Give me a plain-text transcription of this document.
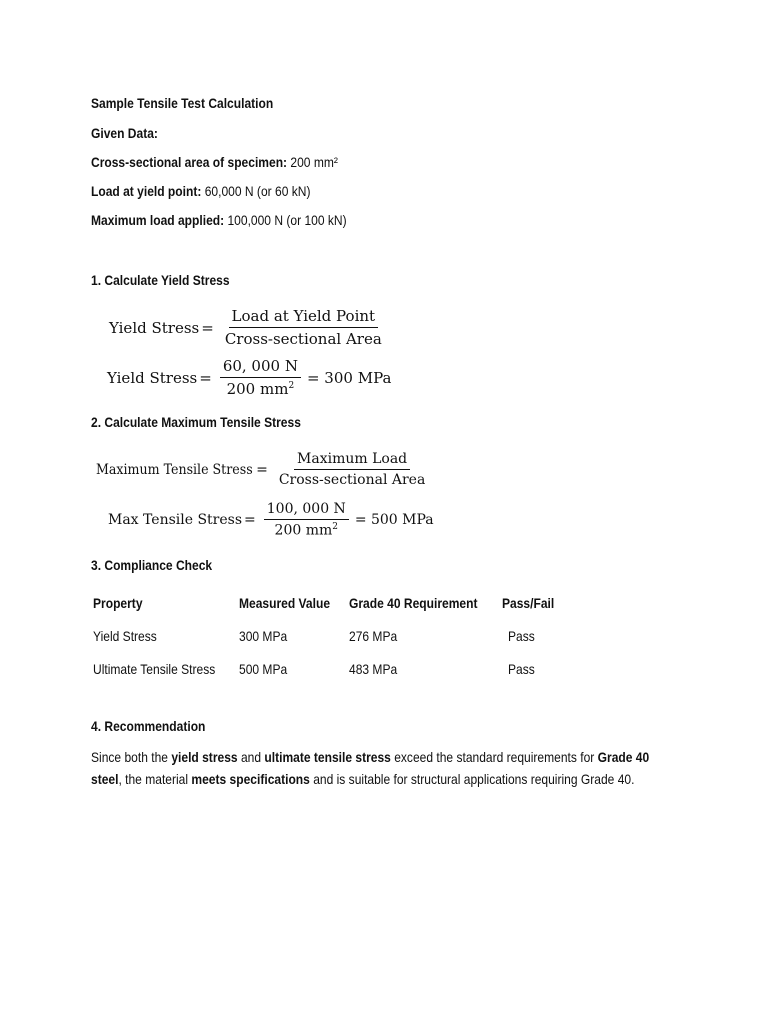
Sample Tensile Test Calculation
Given Data:
Cross-sectional area of specimen: 200 mm²
Load at yield point: 60,000 N (or 60 kN)
Maximum load applied: 100,000 N (or 100 kN)
1. Calculate Yield Stress
Yield Stress = $\frac{\text{Load at Yield Point}}{\text{Cross-sectional Area}}$
Yield Stress = $\frac{60, 000 N}{200 mm^2} = 300$ MPa
2. Calculate Maximum Tensile Stress
Maximum Tensile Stress = $\frac{\text{Maximum Load}}{\text{Cross-sectional Area}}$
Max Tensile Stress = $\frac{100, 000 N}{200 mm^2} = 500$ MPa
3. Compliance Check
Property	Measured Value	Grade 40 Requirement	Pass/Fail
Yield Stress	300 MPa	276 MPa	Pass
Ultimate Tensile Stress	500 MPa	483 MPa	Pass
4. Recommendation
Since both the yield stress and ultimate tensile stress exceed the standard requirements for Grade 40
steel, the material meets specifications and is suitable for structural applications requiring Grade 40.
